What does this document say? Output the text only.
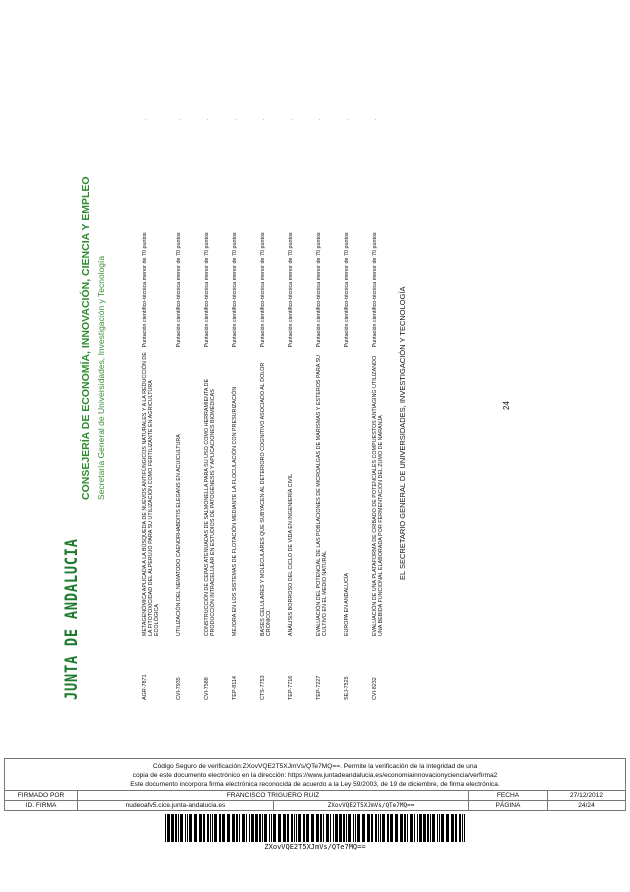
JUNTA DE ANDALUCIA
CONSEJERÍA DE ECONOMÍA, INNOVACIÓN, CIENCIA Y EMPLEO Secretaría General de Universidades, Investigación y Tecnología
AGR-7871	METAGENÓMICA APLICADA A LA BÚSQUEDA DE NUEVOS ANTIFÚNGICOS NATURALES Y A LA REDUCCIÓN DE LA FITOTOXICIDAD DEL ALPERUJO PARA SU UTILIZACIÓN COMO FERTILIZANTE EN AGRICULTURA ECOLÓGICA	Puntación científico-técnica menor de 70 puntos	.
CVI-7935	UTILIZACIÓN DEL NEMATODO CAENORHABDITIS ELEGANS EN ACUICULTURA	Puntación científico-técnica menor de 70 puntos	.
CVI-7588	CONSTRUCCIÓN DE CEPAS ATENUADAS DE SALMONELLA PARA SU USO COMO HERRAMIENTA DE PRODUCCIÓN INTRACELULAR EN ESTUDIOS DE PATOGÉNESIS Y APLICACIONES BIOMÉDICAS	Puntación científico-técnica menor de 70 puntos	.
TEP-8114	MEJORA EN LOS SISTEMAS DE FLOTACIÓN MEDIANTE LA FLOCULACIÓN CON PRESURIZACIÓN	Puntación científico-técnica menor de 70 puntos	.
CTS-7753	BASES CELULARES Y MOLECULARES QUE SUBYACEN AL DETERIORO COGNITIVO ASOCIADO AL DOLOR CRÓNICO.	Puntación científico-técnica menor de 70 puntos	.
TEP-7716	ANÁLISIS BORROSO DEL CICLO DE VIDA EN INGENIERÍA CIVIL	Puntación científico-técnica menor de 70 puntos	.
TEP-7227	EVALUACIÓN DEL POTENCIAL DE LAS POBLACIONES DE MICROALGAS DE MARISMAS Y ESTEROS PARA SU CULTIVO EN EL MEDIO NATURAL	Puntación científico-técnica menor de 70 puntos	.
SEJ-7525	EUROPA EN ANDALUCÍA	Puntación científico-técnica menor de 70 puntos	.
CVI-8232	EVALUACIÓN DE UNA PLATAFORMA DE CRIBADO DE POTENCIALES COMPUESTOS ANTIAGING UTILIZANDO UNA BEBIDA FUNCIONAL ELABORADA POR FERMENTACIÓN DEL ZUMO DE NARANJA	Puntación científico-técnica menor de 70 puntos	.
EL SECRETARIO GENERAL DE UNIVERSIDADES, INVESTIGACIÓN Y TECNOLOGÍA	24
Código Seguro de verificación:ZXovVQE2T5XJmVs/QTe7MQ==. Permite la verificación de la integridad de una
copia de este documento electrónico en la dirección: https://www.juntadeandalucia.es/economiainnovacionyciencia/verfirma2
Este documento incorpora firma electrónica reconocida de acuerdo a la Ley 59/2003, de 19 de diciembre, de firma electrónica.
FIRMADO POR	FRANCISCO TRIGUERO RUIZ	FECHA	27/12/2012
ID. FIRMA	nudeoafv5.cice.junta-andalucia.es	ZXovVQE2T5XJmVs/QTe7MQ==	PÁGINA	24/24
ZXovVQE2T5XJmVs/QTe7MQ==
